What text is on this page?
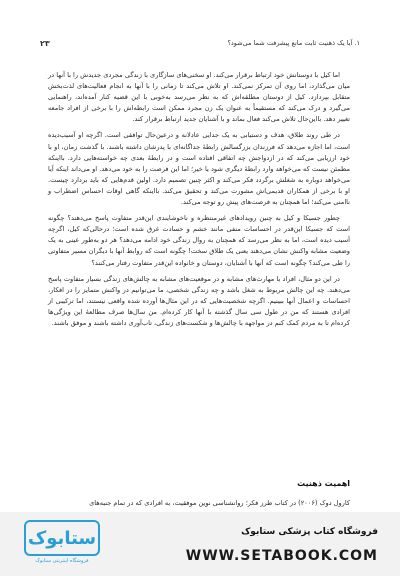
۱. آیا یک ذهنیت ثابت مانع پیشرفت شما می‌شود؟
۲۳

اما کیل با دوستانش خود ارتباط برقرار می‌کند. او سخنی‌های سازگاری با زندگی مجردی جدیدش را با آنها در میان می‌گذارد، اما روی آن تمرکز نمی‌کند. او تلاش می‌کند تا زمانی را با آنها به انجام فعالیت‌های لذت‌بخش متقابل بپردازد. کیل از دوستان مطلقه‌اش که به نظر می‌رسد به‌خوبی با این قضیه کنار آمده‌اند، راهنمایی می‌گیرد و درک می‌کند که مستقیماً به عنوان یک زن مجرد ممکن است رابطه‌اش را با برخی از افراد جامعه تغییر دهد. بااین‌حال تلاش می‌کند فعال بماند و با آشنایان جدید ارتباط برقرار کند.

در طی روند طلاق، هدف و دستیابی به یک جدایی عادلانه و درعین‌حال توافقی است. اگرچه او آسیب‌دیده است، اما اجازه می‌دهد که فرزندان بزرگسالش رابطهٔ جداگانه‌ای با پدرشان داشته باشند. با گذشت زمان، او با خود ارزیابی می‌کند که در ازدواجش چه اتفاقی افتاده است و در رابطهٔ بعدی چه خواسته‌هایی دارد. بااینکه مطمئن نیست که می‌خواهد وارد رابطهٔ دیگری شود یا خیر؛ اما این فرصت را به خود می‌دهد. او می‌داند اینکه آیا می‌خواهد دوباره به شغلش برگردد فکر می‌کند و اکثر چنین تصمیم دارد. اولین قدم‌هایی که باید بردارد چیست. او با برخی از همکاران قدیمی‌اش مشورت می‌کند و تحقیق می‌کند. بااینکه گاهی اوقات احساس اضطراب و ناامنی می‌کند؛ اما همچنان به فرصت‌های پیش رو توجه می‌کند.

چطور جسیکا و کیل به چنین رویدادهای غیرمنتظره و ناخوشایندی این‌قدر متفاوت پاسخ می‌دهند؟ چگونه است که جسیکا این‌قدر در احساسات منفی مانند خشم و حسادت غرق شده است؛ درحالی‌که کیل، اگرچه آسیب دیده است، اما به نظر می‌رسد که همچنان به روال زندگی خود ادامه می‌دهد؟ هر دو به‌طور عینی به یک وضعیت مشابه واکنش نشان می‌دهند یعنی یک طلاق سخت! چگونه است که روابط آنها با دیگران مسیر متفاوتی را طی می‌کند؟ چگونه است که آنها با آشنایان، دوستان و خانواده این‌قدر متفاوت رفتار می‌کنند؟

در این دو مثال، افراد با مهارت‌های مشابه و در موقعیت‌های مشابه به چالش‌های زندگی بسیار متفاوت پاسخ می‌دهند. چه این چالش مربوط به شغل باشد و چه زندگی شخصی، ما می‌توانیم در واکنش متمایز را در افکار، احساسات و اعمال آنها ببینیم. اگرچه شخصیت‌هایی که در این مثال‌ها آورده شده واقعی نیستند، اما ترکیبی از افرادی هستند که من در طول سی سال گذشته با آنها کار کرده‌ام. من سال‌ها صرف مطالعهٔ این ویژگی‌ها کرده‌ام تا به مردم کمک کنم در مواجهه با چالش‌ها و شکست‌های زندگی، تاب‌آوری داشته باشند و موفق باشند.

اهمیت ذهنیت
کارول دوک (۲۰۰۶) در کتاب طرز فکر؛ روانشناسی نوین موفقیت، به افرادی که در تمام جنبه‌های
ستابوک
فروشگاه اینترنتی ستابوک
فروشگاه کتاب پزشکی ستابوک
WWW.SETABOOK.COM
